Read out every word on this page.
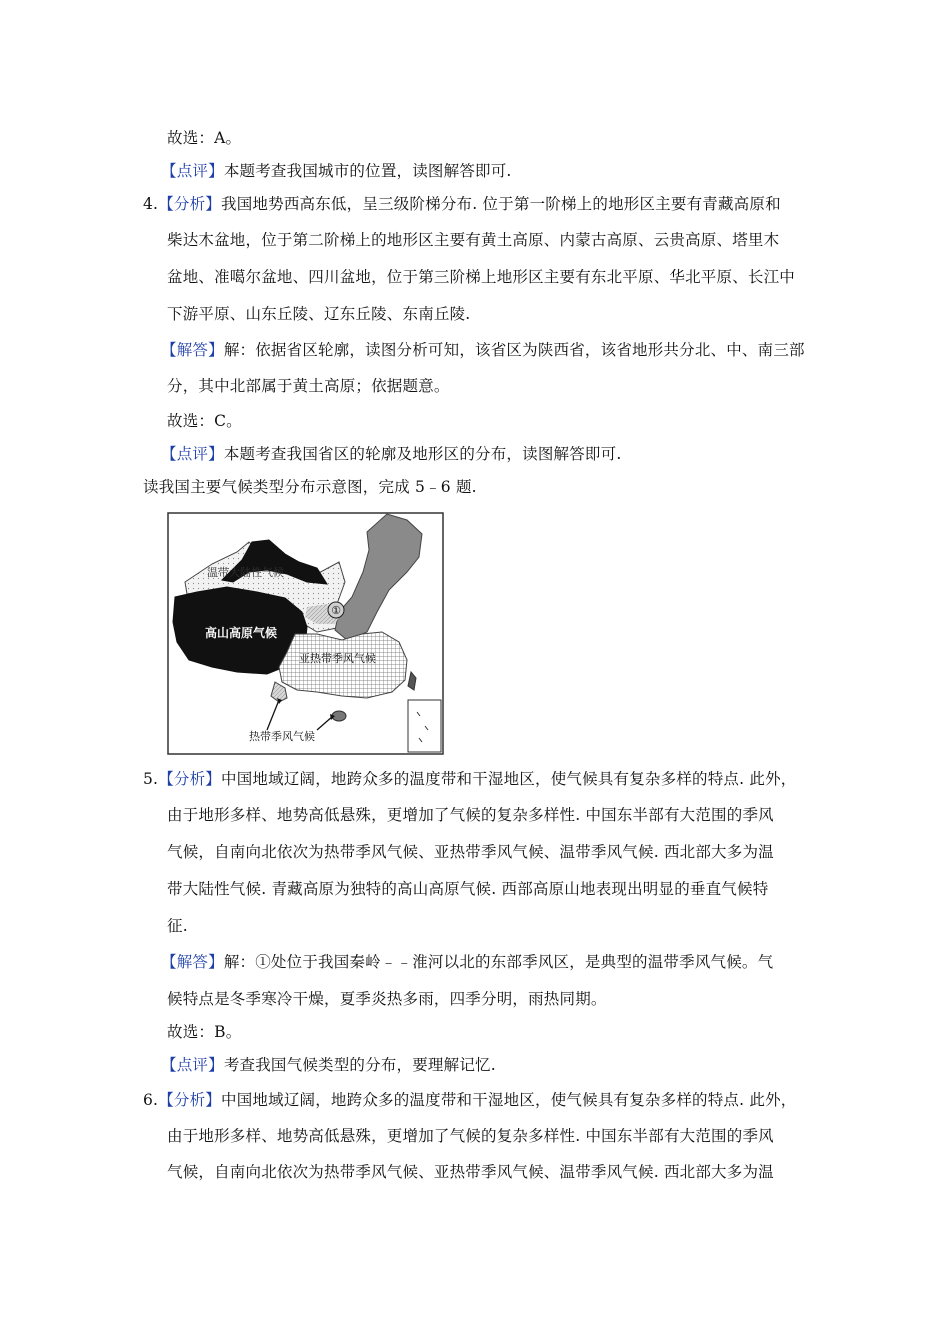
故选：A。
【点评】本题考查我国城市的位置，读图解答即可.
4.【分析】我国地势西高东低，呈三级阶梯分布. 位于第一阶梯上的地形区主要有青藏高原和
柴达木盆地，位于第二阶梯上的地形区主要有黄土高原、内蒙古高原、云贵高原、塔里木
盆地、准噶尔盆地、四川盆地，位于第三阶梯上地形区主要有东北平原、华北平原、长江中
下游平原、山东丘陵、辽东丘陵、东南丘陵.
【解答】解：依据省区轮廓，读图分析可知，该省区为陕西省，该省地形共分北、中、南三部
分，其中北部属于黄土高原；依据题意。
故选：C。
【点评】本题考查我国省区的轮廓及地形区的分布，读图解答即可.
读我国主要气候类型分布示意图，完成 5﹣6 题.
①
温带大陆性气候
高山高原气候
亚热带季风气候
热带季风气候
5.【分析】中国地域辽阔，地跨众多的温度带和干湿地区，使气候具有复杂多样的特点. 此外，
由于地形多样、地势高低悬殊，更增加了气候的复杂多样性. 中国东半部有大范围的季风
气候，自南向北依次为热带季风气候、亚热带季风气候、温带季风气候. 西北部大多为温
带大陆性气候. 青藏高原为独特的高山高原气候. 西部高原山地表现出明显的垂直气候特
征.
【解答】解：①处位于我国秦岭﹣﹣淮河以北的东部季风区，是典型的温带季风气候。气
候特点是冬季寒冷干燥，夏季炎热多雨，四季分明，雨热同期。
故选：B。
【点评】考查我国气候类型的分布，要理解记忆.
6.【分析】中国地域辽阔，地跨众多的温度带和干湿地区，使气候具有复杂多样的特点. 此外，
由于地形多样、地势高低悬殊，更增加了气候的复杂多样性. 中国东半部有大范围的季风
气候，自南向北依次为热带季风气候、亚热带季风气候、温带季风气候. 西北部大多为温
